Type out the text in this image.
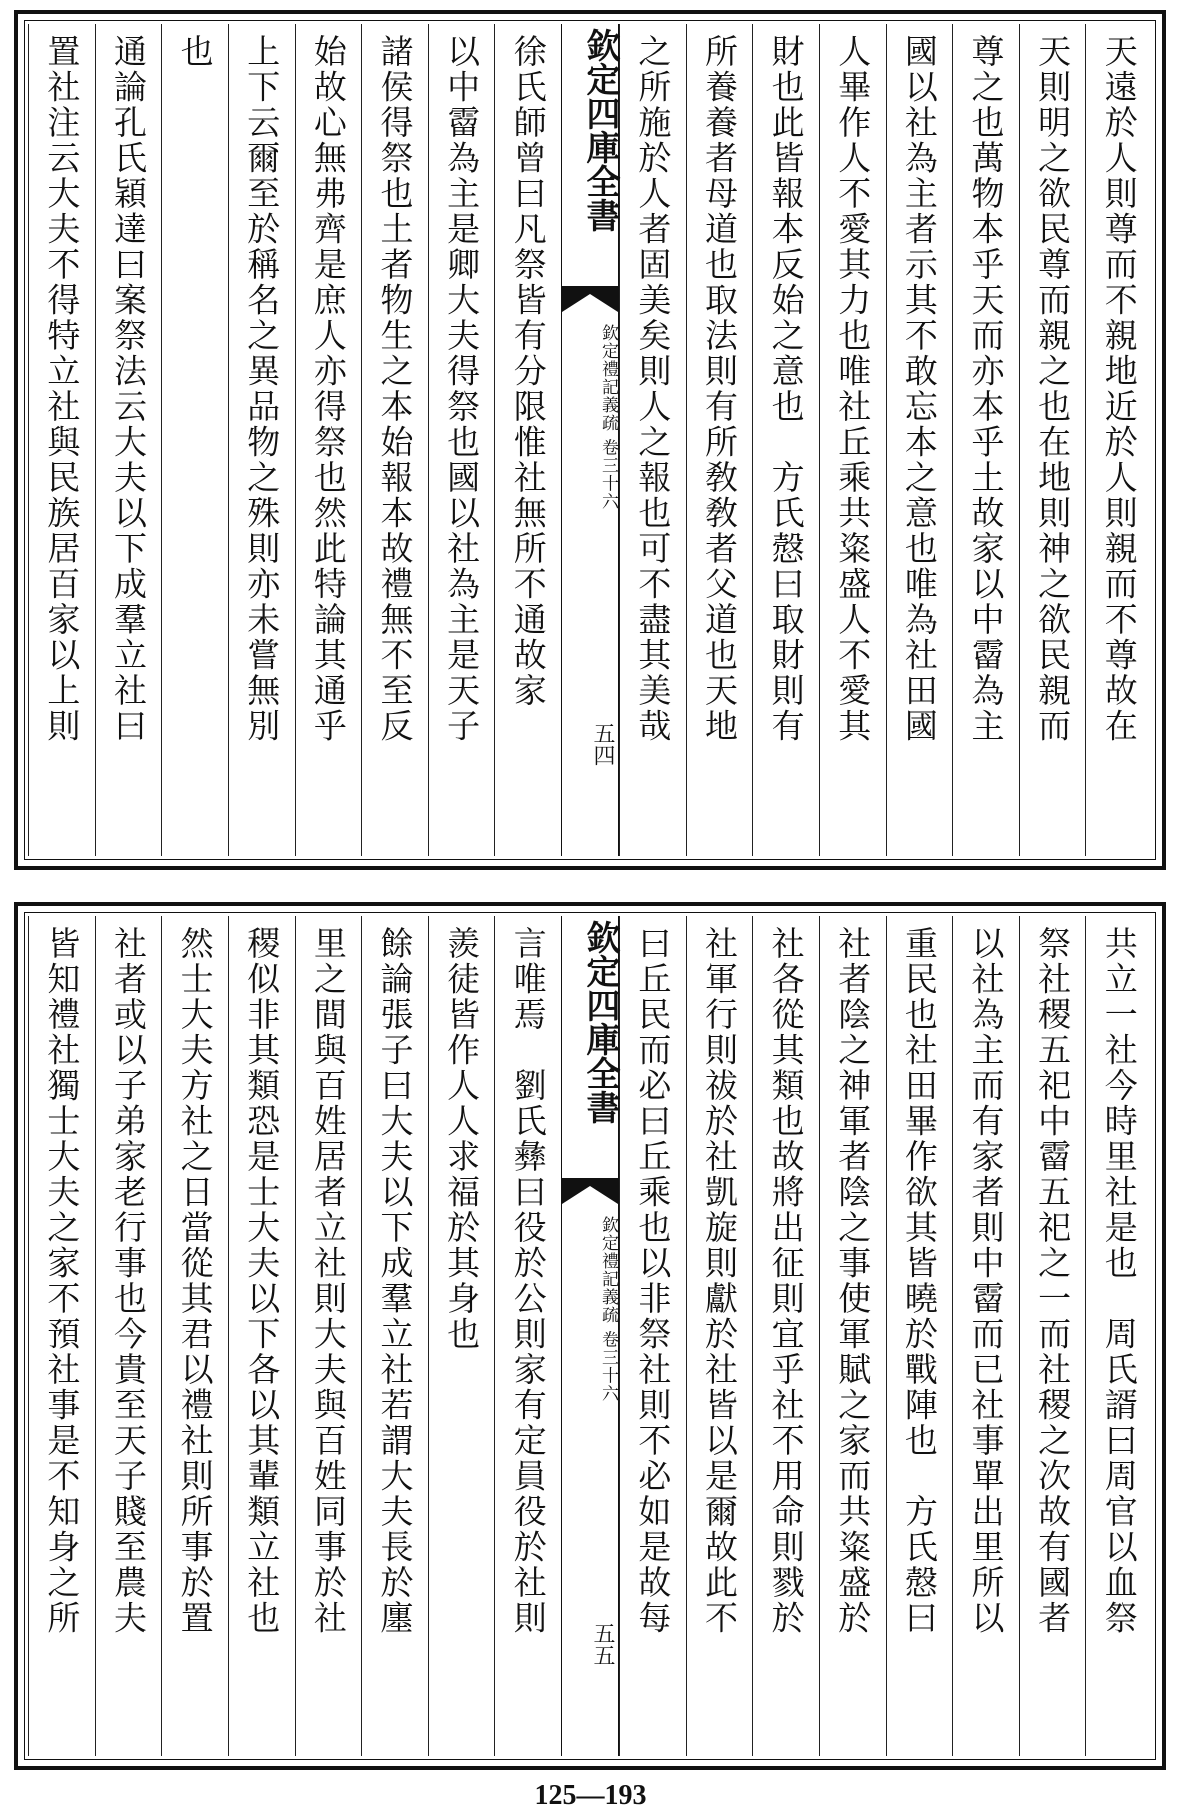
天遠於人則尊而不親地近於人則親而不尊故在
天則明之欲民尊而親之也在地則神之欲民親而
尊之也萬物本乎天而亦本乎土故家以中霤為主
國以社為主者示其不敢忘本之意也唯為社田國
人畢作人不愛其力也唯社丘乘共粢盛人不愛其
財也此皆報本反始之意也　方氏慤曰取財則有
所養養者母道也取法則有所敎敎者父道也天地
之所施於人者固美矣則人之報也可不盡其美哉
欽定四庫全書
欽定禮記義疏 卷三十六
五四
徐氏師曾曰凡祭皆有分限惟社無所不通故家
以中霤為主是卿大夫得祭也國以社為主是天子
諸侯得祭也土者物生之本始報本故禮無不至反
始故心無弗齊是庶人亦得祭也然此特論其通乎
上下云爾至於稱名之異品物之殊則亦未嘗無別
也
通論孔氏穎達曰案祭法云大夫以下成羣立社曰
置社注云大夫不得特立社與民族居百家以上則
共立一社今時里社是也　周氏諝曰周官以血祭
祭社稷五祀中霤五祀之一而社稷之次故有國者
以社為主而有家者則中霤而已社事單出里所以
重民也社田畢作欲其皆曉於戰陣也　方氏慤曰
社者陰之神軍者陰之事使軍賦之家而共粢盛於
社各從其類也故將出征則宜乎社不用命則戮於
社軍行則祓於社凱旋則獻於社皆以是爾故此不
曰丘民而必曰丘乘也以非祭社則不必如是故每
欽定四庫全書
欽定禮記義疏 卷三十六
五五
言唯焉　劉氏彝曰役於公則家有定員役於社則
羨徒皆作人人求福於其身也
餘論張子曰大夫以下成羣立社若謂大夫長於廛
里之間與百姓居者立社則大夫與百姓同事於社
稷似非其類恐是士大夫以下各以其輩類立社也
然士大夫方社之日當從其君以禮社則所事於置
社者或以子弟家老行事也今貴至天子賤至農夫
皆知禮社獨士大夫之家不預社事是不知身之所
125—193
